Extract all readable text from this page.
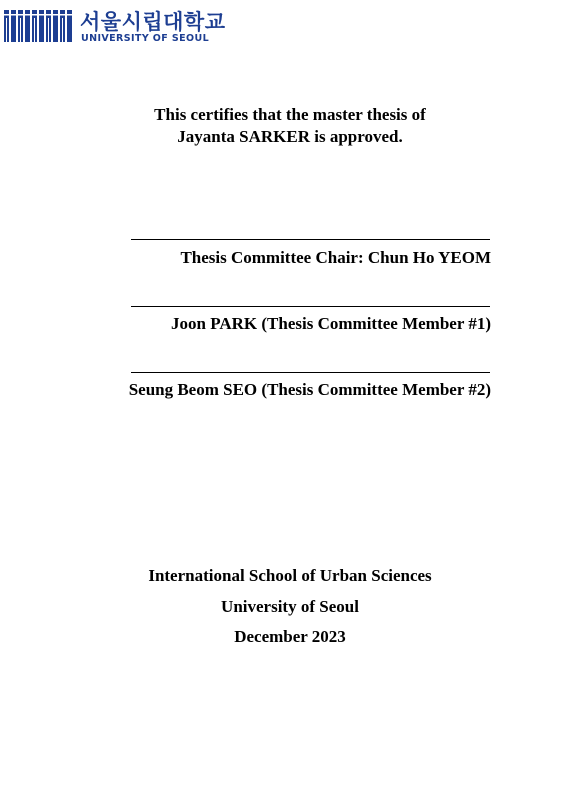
서울시립대학교
UNIVERSITY OF SEOUL
This certifies that the master thesis of
Jayanta SARKER is approved.
Thesis Committee Chair: Chun Ho YEOM
Joon PARK (Thesis Committee Member #1)
Seung Beom SEO (Thesis Committee Member #2)
International School of Urban Sciences
University of Seoul
December 2023
